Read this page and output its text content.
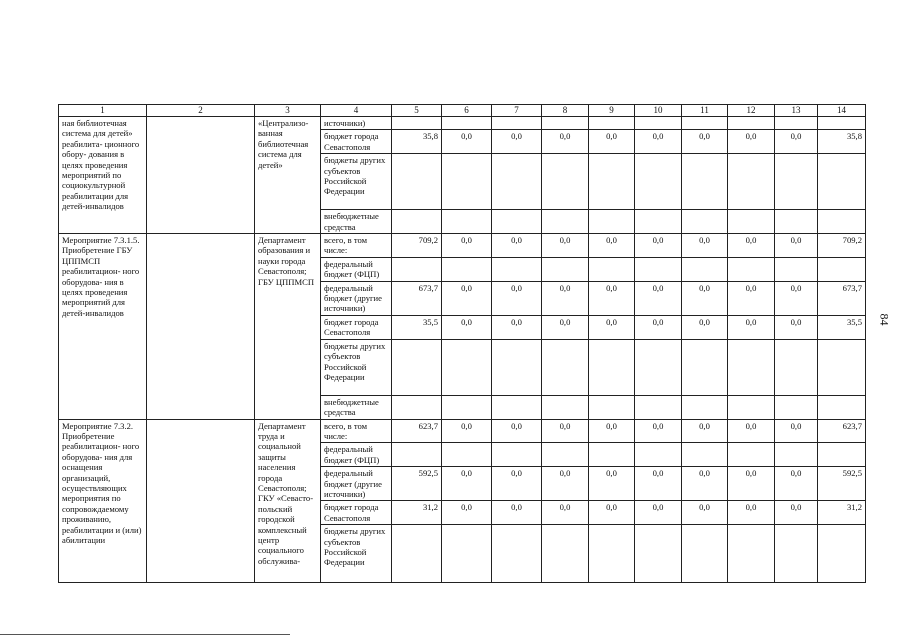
1	2	3	4	5	6	7	8	9	10	11	12	13	14
ная библиотечная система для детей» реабилита- ционного обору- дования в целях проведения мероприятий по социокультурной реабилитации для детей-инвалидов		«Централизо- ванная библиотечная система для детей»	источники)										
			бюджет города Севастополя	35,8	0,0	0,0	0,0	0,0	0,0	0,0	0,0	0,0	35,8
			бюджеты других субъектов Российской Федерации										
			внебюджетные средства										
Мероприятие 7.3.1.5. Приобретение ГБУ ЦППМСП реабилитацион- ного оборудова- ния в целях проведения мероприятий для детей-инвалидов		Департамент образования и науки города Севастополя; ГБУ ЦППМСП	всего, в том числе:	709,2	0,0	0,0	0,0	0,0	0,0	0,0	0,0	0,0	709,2
			федеральный бюджет (ФЦП)										
			федеральный бюджет (другие источники)	673,7	0,0	0,0	0,0	0,0	0,0	0,0	0,0	0,0	673,7
			бюджет города Севастополя	35,5	0,0	0,0	0,0	0,0	0,0	0,0	0,0	0,0	35,5
			бюджеты других субъектов Российской Федерации										
			внебюджетные средства										
Мероприятие 7.3.2. Приобретение реабилитацион- ного оборудова- ния для оснащения организаций, осуществляющих мероприятия по сопровождаемому проживанию, реабилитации и (или) абилитации		Департамент труда и социальной защиты населения города Севастополя; ГКУ «Севасто- польский городской комплексный центр социального обслужива-	всего, в том числе:	623,7	0,0	0,0	0,0	0,0	0,0	0,0	0,0	0,0	623,7
			федеральный бюджет (ФЦП)										
			федеральный бюджет (другие источники)	592,5	0,0	0,0	0,0	0,0	0,0	0,0	0,0	0,0	592,5
			бюджет города Севастополя	31,2	0,0	0,0	0,0	0,0	0,0	0,0	0,0	0,0	31,2
			бюджеты других субъектов Российской Федерации										
84
